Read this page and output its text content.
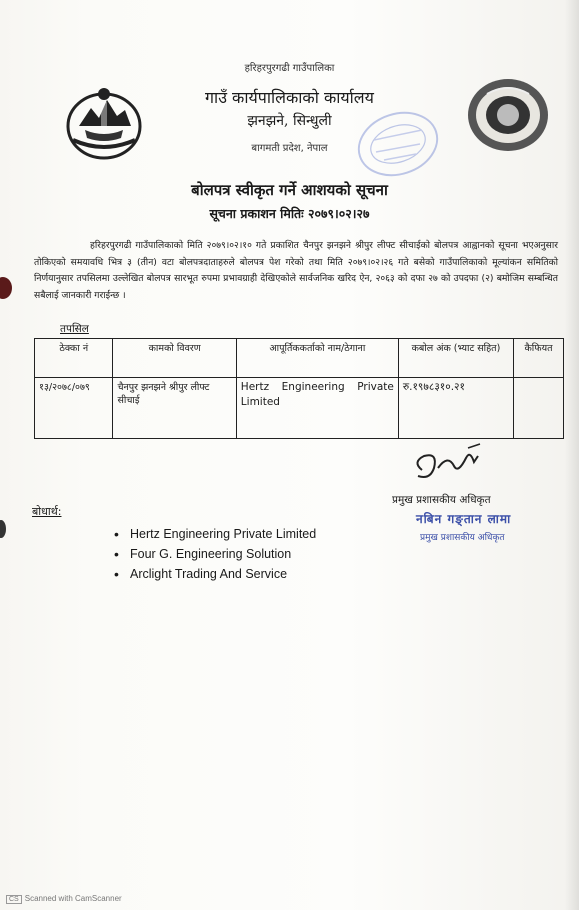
हरिहरपुरगढी गाउँपालिका
गाउँ कार्यपालिकाको कार्यालय
झनझने, सिन्धुली
बागमती प्रदेश, नेपाल
बोलपत्र स्वीकृत गर्ने आशयको सूचना
सूचना प्रकाशन मितिः २०७९।०२।२७
हरिहरपुरगढी गाउँपालिकाको मिति २०७९।०२।१० गते प्रकाशित चैनपुर झनझने श्रीपुर लीफ्ट सीचाईको बोलपत्र आह्वानको सूचना भएअनुसार तोकिएको समयावधि भित्र ३ (तीन) वटा बोलपत्रदाताहरुले बोलपत्र पेश गरेको तथा मिति २०७९।०२।२६ गते बसेको गाउँपालिकाको मूल्यांकन समितिको निर्णयानुसार तपसिलमा उल्लेखित बोलपत्र सारभूत रुपमा प्रभावग्राही देखिएकोले सार्वजनिक खरिद ऐन, २०६३ को दफा २७ को उपदफा (२) बमोजिम सम्बन्धित सबैलाई जानकारी गराईन्छ ।
तपसिल
ठेक्का नं	कामको विवरण	आपूर्तिककर्ताको नाम/ठेगाना	कबोल अंक (भ्याट सहित)	कैफियत
१३/२०७८/०७९	चैनपुर झनझने श्रीपुर लीफ्ट सीचाई	Hertz Engineering Private Limited	रु.१९७८३१०.२१	
प्रमुख प्रशासकीय अधिकृत
नबिन गङ्तान लामा
प्रमुख प्रशासकीय अधिकृत
बोधार्थ:
• Hertz Engineering Private Limited
• Four G. Engineering Solution
• Arclight Trading And Service
CS Scanned with CamScanner
